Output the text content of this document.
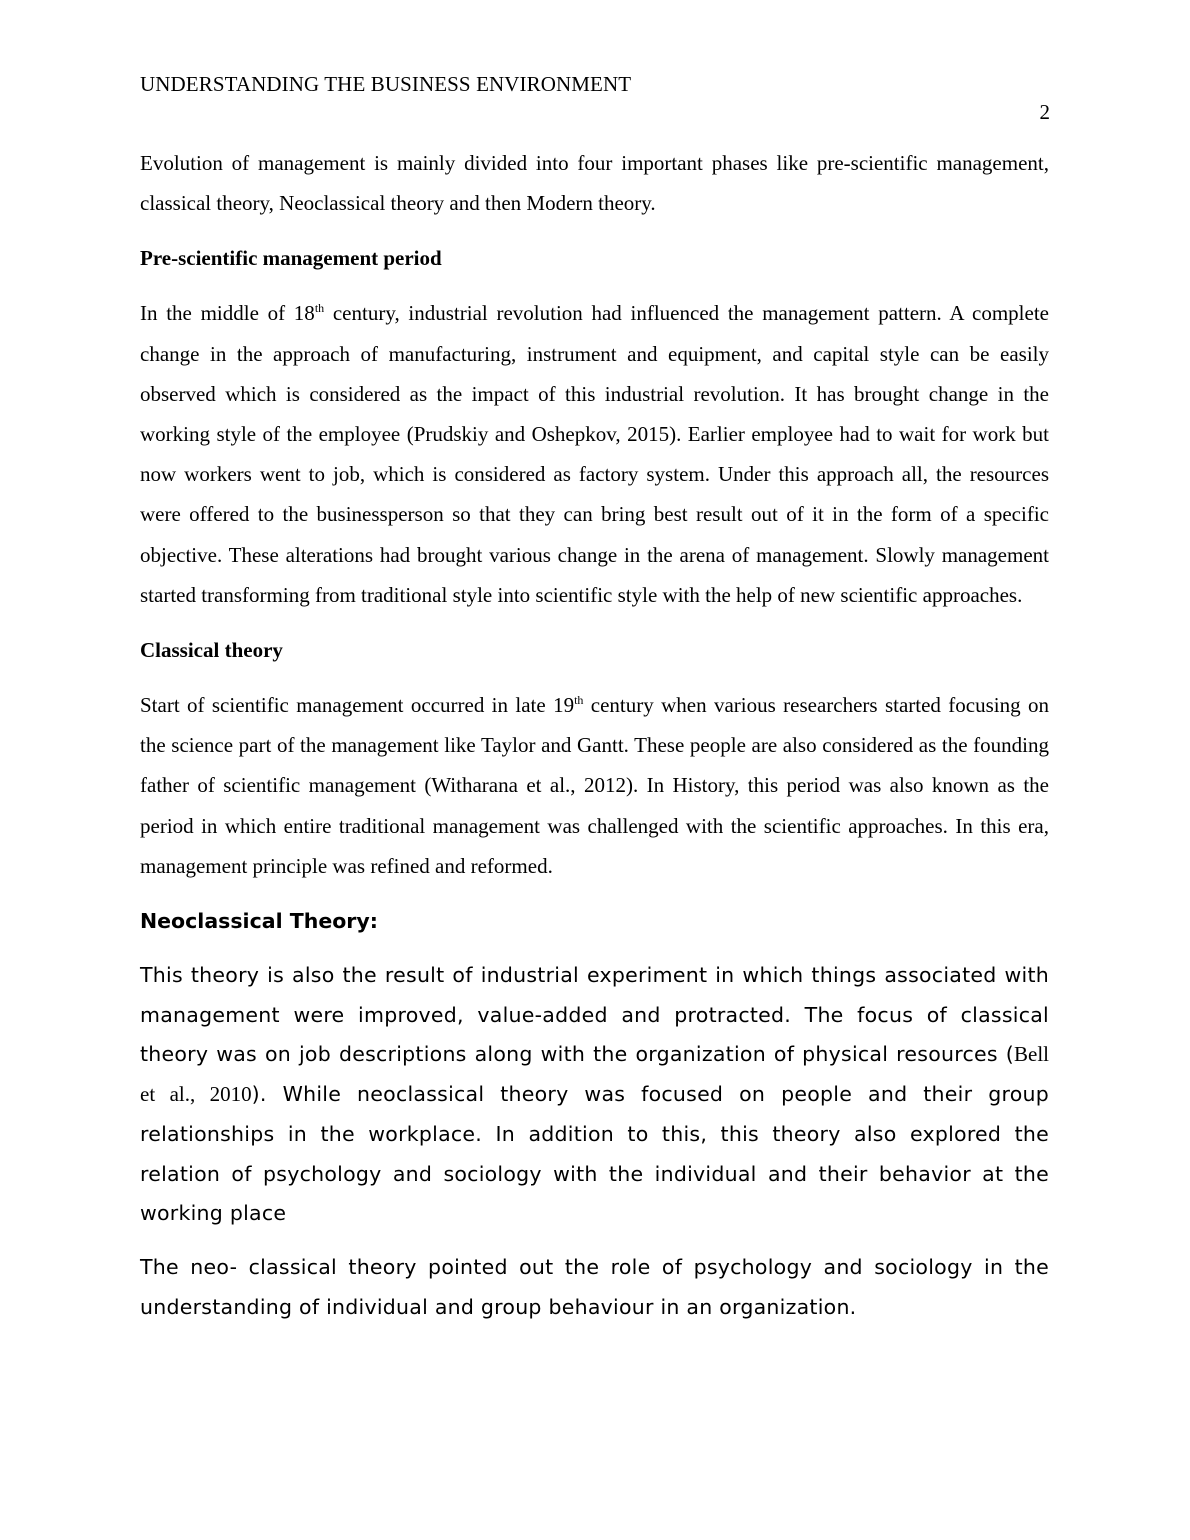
UNDERSTANDING THE BUSINESS ENVIRONMENT
2

Evolution of management is mainly divided into four important phases like pre-scientific management, classical theory, Neoclassical theory and then Modern theory.

Pre-scientific management period

In the middle of 18th century, industrial revolution had influenced the management pattern. A complete change in the approach of manufacturing, instrument and equipment, and capital style can be easily observed which is considered as the impact of this industrial revolution. It has brought change in the working style of the employee (Prudskiy and Oshepkov, 2015). Earlier employee had to wait for work but now workers went to job, which is considered as factory system. Under this approach all, the resources were offered to the businessperson so that they can bring best result out of it in the form of a specific objective. These alterations had brought various change in the arena of management. Slowly management started transforming from traditional style into scientific style with the help of new scientific approaches.

Classical theory

Start of scientific management occurred in late 19th century when various researchers started focusing on the science part of the management like Taylor and Gantt. These people are also considered as the founding father of scientific management (Witharana et al., 2012). In History, this period was also known as the period in which entire traditional management was challenged with the scientific approaches. In this era, management principle was refined and reformed.

Neoclassical Theory:

This theory is also the result of industrial experiment in which things associated with management were improved, value-added and protracted. The focus of classical theory was on job descriptions along with the organization of physical resources (Bell et al., 2010). While neoclassical theory was focused on people and their group relationships in the workplace. In addition to this, this theory also explored the relation of psychology and sociology with the individual and their behavior at the working place

The neo- classical theory pointed out the role of psychology and sociology in the understanding of individual and group behaviour in an organization.
